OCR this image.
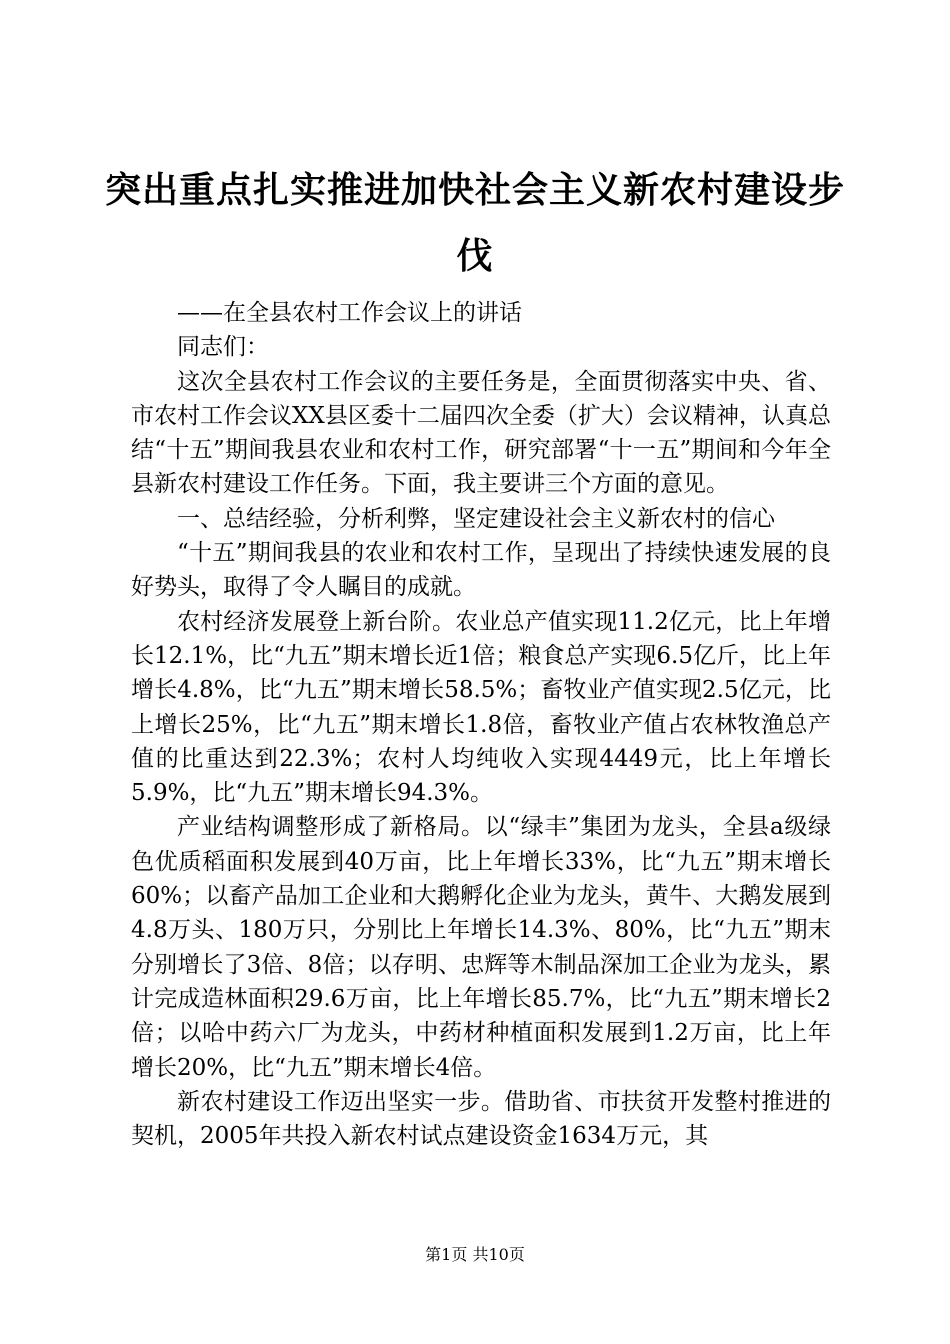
突出重点扎实推进加快社会主义新农村建设步伐

——在全县农村工作会议上的讲话

同志们：

这次全县农村工作会议的主要任务是，全面贯彻落实中央、省、市农村工作会议XX县区委十二届四次全委（扩大）会议精神，认真总结“十五”期间我县农业和农村工作，研究部署“十一五”期间和今年全县新农村建设工作任务。下面，我主要讲三个方面的意见。

一、总结经验，分析利弊，坚定建设社会主义新农村的信心

“十五”期间我县的农业和农村工作，呈现出了持续快速发展的良好势头，取得了令人瞩目的成就。

农村经济发展登上新台阶。农业总产值实现11.2亿元，比上年增长12.1%，比“九五”期末增长近1倍；粮食总产实现6.5亿斤，比上年增长4.8%，比“九五”期末增长58.5%；畜牧业产值实现2.5亿元，比上增长25%，比“九五”期末增长1.8倍，畜牧业产值占农林牧渔总产值的比重达到22.3%；农村人均纯收入实现4449元，比上年增长5.9%，比“九五”期末增长94.3%。

产业结构调整形成了新格局。以“绿丰”集团为龙头，全县a级绿色优质稻面积发展到40万亩，比上年增长33%，比“九五”期末增长60%；以畜产品加工企业和大鹅孵化企业为龙头，黄牛、大鹅发展到4.8万头、180万只，分别比上年增长14.3%、80%，比“九五”期末分别增长了3倍、8倍；以存明、忠辉等木制品深加工企业为龙头，累计完成造林面积29.6万亩，比上年增长85.7%，比“九五”期末增长2倍；以哈中药六厂为龙头，中药材种植面积发展到1.2万亩，比上年增长20%，比“九五”期末增长4倍。

新农村建设工作迈出坚实一步。借助省、市扶贫开发整村推进的契机，2005年共投入新农村试点建设资金1634万元，其

第1页 共10页
